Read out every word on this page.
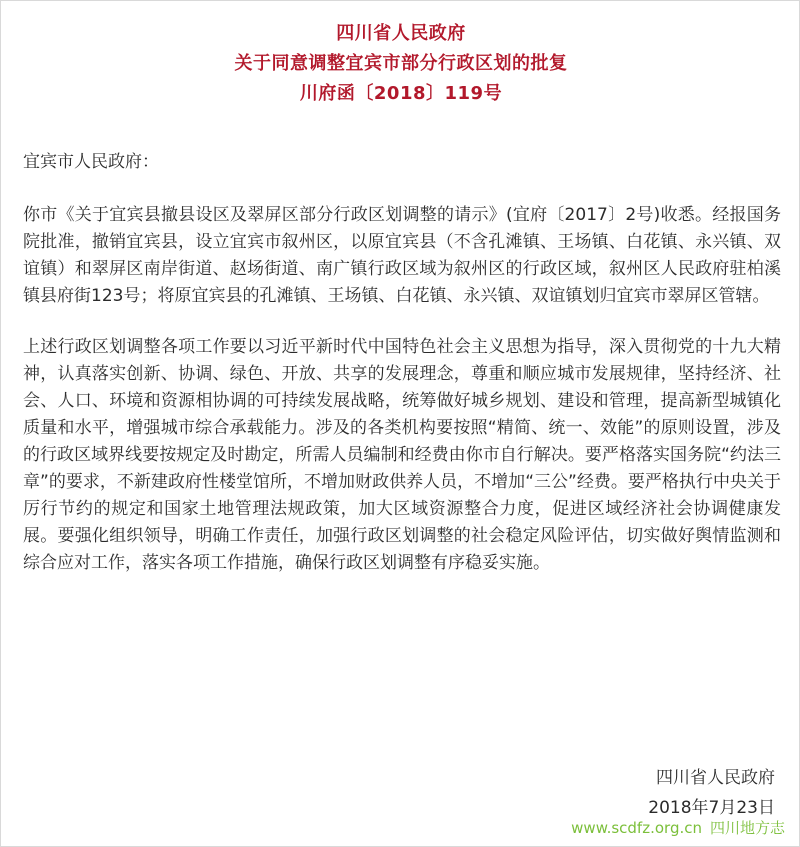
四川省人民政府
关于同意调整宜宾市部分行政区划的批复
川府函〔2018〕119号

宜宾市人民政府：

你市《关于宜宾县撤县设区及翠屏区部分行政区划调整的请示》(宜府〔2017〕2号)收悉。经报国务院批准，撤销宜宾县，设立宜宾市叙州区，以原宜宾县（不含孔滩镇、王场镇、白花镇、永兴镇、双谊镇）和翠屏区南岸街道、赵场街道、南广镇行政区域为叙州区的行政区域，叙州区人民政府驻柏溪镇县府街123号；将原宜宾县的孔滩镇、王场镇、白花镇、永兴镇、双谊镇划归宜宾市翠屏区管辖。

上述行政区划调整各项工作要以习近平新时代中国特色社会主义思想为指导，深入贯彻党的十九大精神，认真落实创新、协调、绿色、开放、共享的发展理念，尊重和顺应城市发展规律，坚持经济、社会、人口、环境和资源相协调的可持续发展战略，统筹做好城乡规划、建设和管理，提高新型城镇化质量和水平，增强城市综合承载能力。涉及的各类机构要按照“精简、统一、效能”的原则设置，涉及的行政区域界线要按规定及时勘定，所需人员编制和经费由你市自行解决。要严格落实国务院“约法三章”的要求，不新建政府性楼堂馆所，不增加财政供养人员，不增加“三公”经费。要严格执行中央关于厉行节约的规定和国家土地管理法规政策，加大区域资源整合力度，促进区域经济社会协调健康发展。要强化组织领导，明确工作责任，加强行政区划调整的社会稳定风险评估，切实做好舆情监测和综合应对工作，落实各项工作措施，确保行政区划调整有序稳妥实施。

四川省人民政府
2018年7月23日
www.scdfz.org.cn 四川地方志
